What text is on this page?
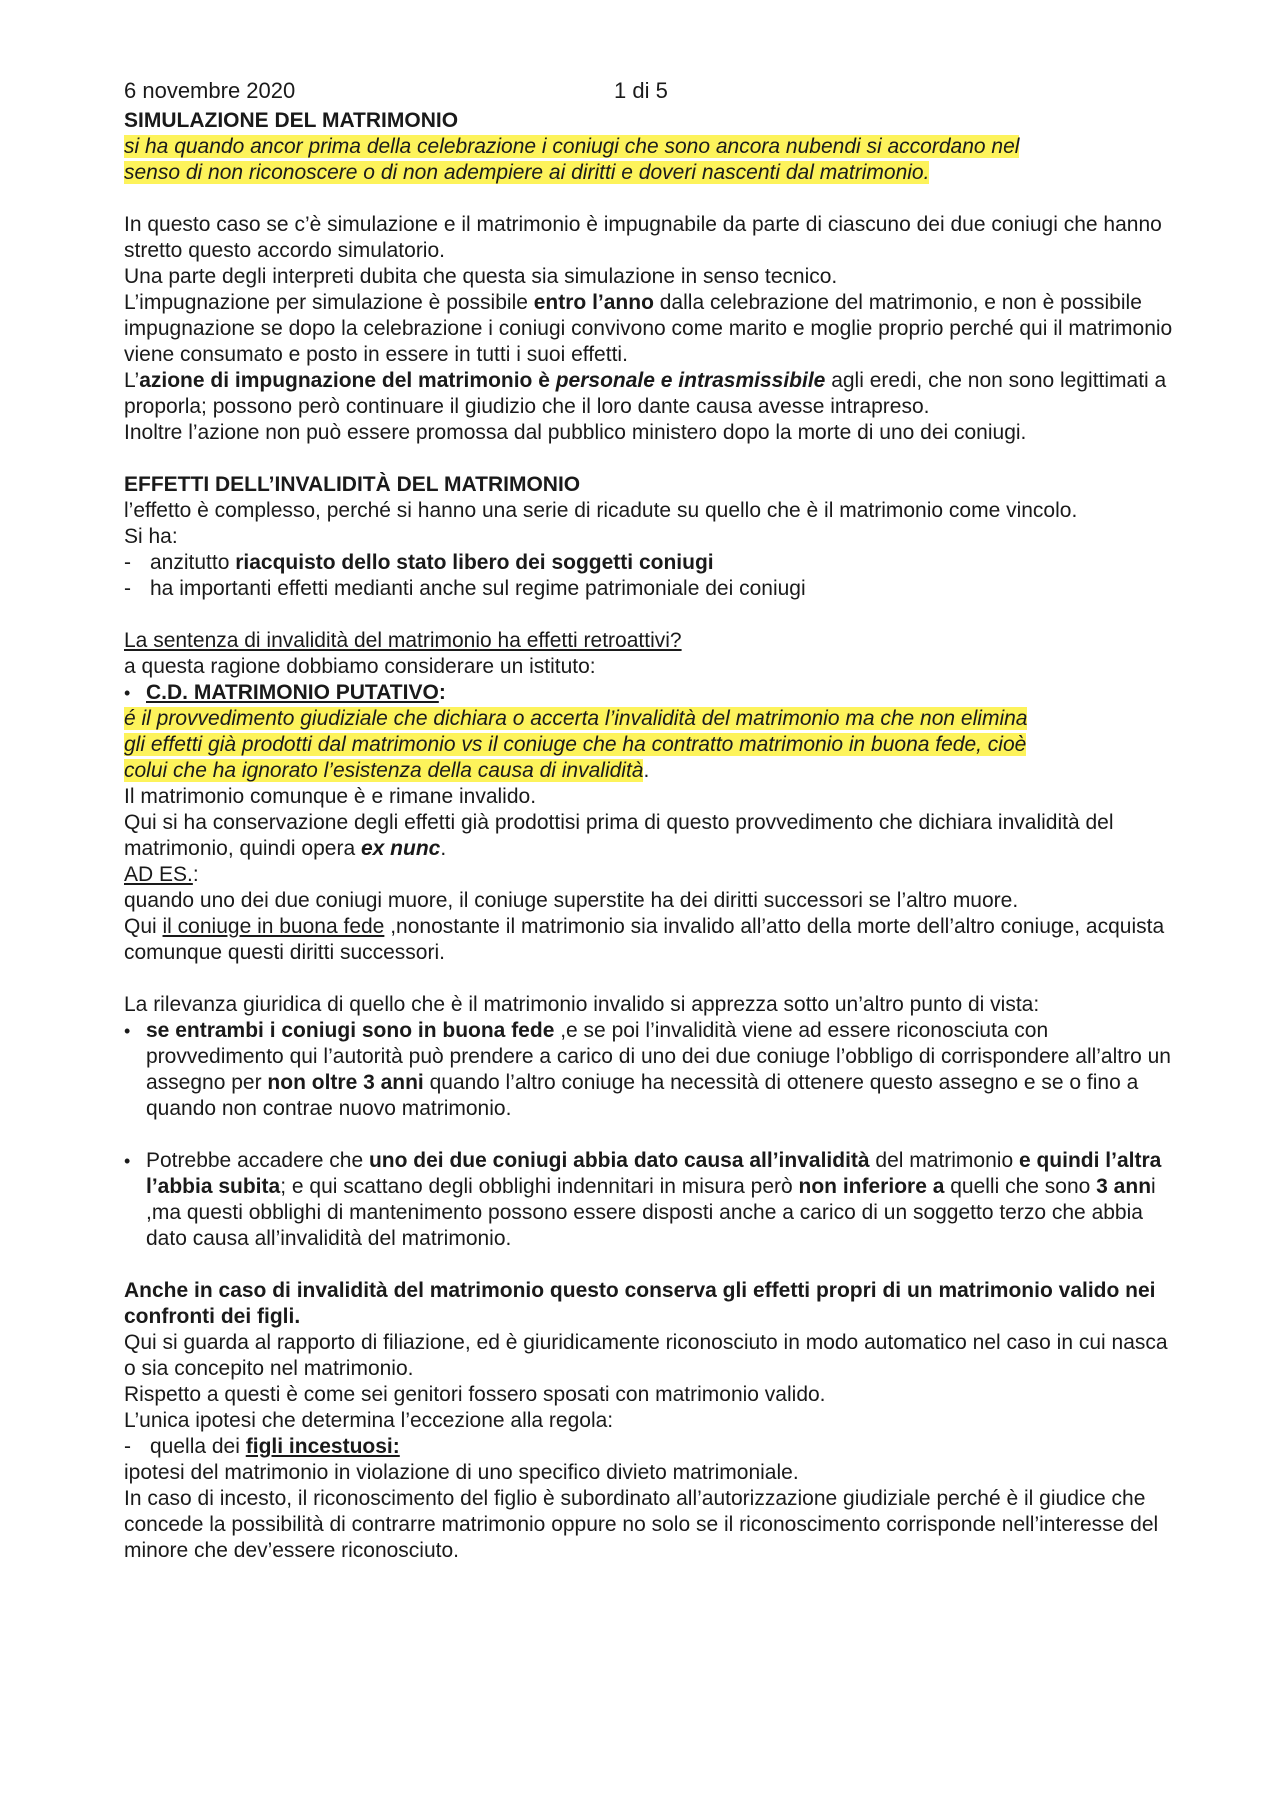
6 novembre 2020	1 di 5

SIMULAZIONE DEL MATRIMONIO

si ha quando ancor prima della celebrazione i coniugi che sono ancora nubendi si accordano nel
senso di non riconoscere o di non adempiere ai diritti e doveri nascenti dal matrimonio.

In questo caso se c’è simulazione e il matrimonio è impugnabile da parte di ciascuno dei due coniugi che hanno stretto questo accordo simulatorio.

Una parte degli interpreti dubita che questa sia simulazione in senso tecnico.

L’impugnazione per simulazione è possibile entro l’anno dalla celebrazione del matrimonio, e non è possibile impugnazione se dopo la celebrazione i coniugi convivono come marito e moglie proprio perché qui il matrimonio viene consumato e posto in essere in tutti i suoi effetti.

L’azione di impugnazione del matrimonio è personale e intrasmissibile agli eredi, che non sono legittimati a proporla; possono però continuare il giudizio che il loro dante causa avesse intrapreso.

Inoltre l’azione non può essere promossa dal pubblico ministero dopo la morte di uno dei coniugi.

EFFETTI DELL’INVALIDITÀ DEL MATRIMONIO

l’effetto è complesso, perché si hanno una serie di ricadute su quello che è il matrimonio come vincolo.

Si ha:

- anzitutto riacquisto dello stato libero dei soggetti coniugi

- ha importanti effetti medianti anche sul regime patrimoniale dei coniugi

La sentenza di invalidità del matrimonio ha effetti retroattivi?

a questa ragione dobbiamo considerare un istituto:

• C.D. MATRIMONIO PUTATIVO:

é il provvedimento giudiziale che dichiara o accerta l’invalidità del matrimonio ma che non elimina
gli effetti già prodotti dal matrimonio vs il coniuge che ha contratto matrimonio in buona fede, cioè
colui che ha ignorato l’esistenza della causa di invalidità.

Il matrimonio comunque è e rimane invalido.

Qui si ha conservazione degli effetti già prodottisi prima di questo provvedimento che dichiara invalidità del matrimonio, quindi opera ex nunc.

AD ES.:

quando uno dei due coniugi muore, il coniuge superstite ha dei diritti successori se l’altro muore.

Qui il coniuge in buona fede ,nonostante il matrimonio sia invalido all’atto della morte dell’altro coniuge, acquista comunque questi diritti successori.

La rilevanza giuridica di quello che è il matrimonio invalido si apprezza sotto un’altro punto di vista:

• se entrambi i coniugi sono in buona fede ,e se poi l’invalidità viene ad essere riconosciuta con provvedimento qui l’autorità può prendere a carico di uno dei due coniuge l’obbligo di corrispondere all’altro un assegno per non oltre 3 anni quando l’altro coniuge ha necessità di ottenere questo assegno e se o fino a quando non contrae nuovo matrimonio.

• Potrebbe accadere che uno dei due coniugi abbia dato causa all’invalidità del matrimonio e quindi l’altra l’abbia subita; e qui scattano degli obblighi indennitari in misura però non inferiore a quelli che sono 3 anni ,ma questi obblighi di mantenimento possono essere disposti anche a carico di un soggetto terzo che abbia dato causa all’invalidità del matrimonio.

Anche in caso di invalidità del matrimonio questo conserva gli effetti propri di un matrimonio valido nei confronti dei figli.

Qui si guarda al rapporto di filiazione, ed è giuridicamente riconosciuto in modo automatico nel caso in cui nasca o sia concepito nel matrimonio.

Rispetto a questi è come sei genitori fossero sposati con matrimonio valido.

L’unica ipotesi che determina l’eccezione alla regola:

- quella dei figli incestuosi:

ipotesi del matrimonio in violazione di uno specifico divieto matrimoniale.

In caso di incesto, il riconoscimento del figlio è subordinato all’autorizzazione giudiziale perché è il giudice che concede la possibilità di contrarre matrimonio oppure no solo se il riconoscimento corrisponde nell’interesse del minore che dev’essere riconosciuto.
